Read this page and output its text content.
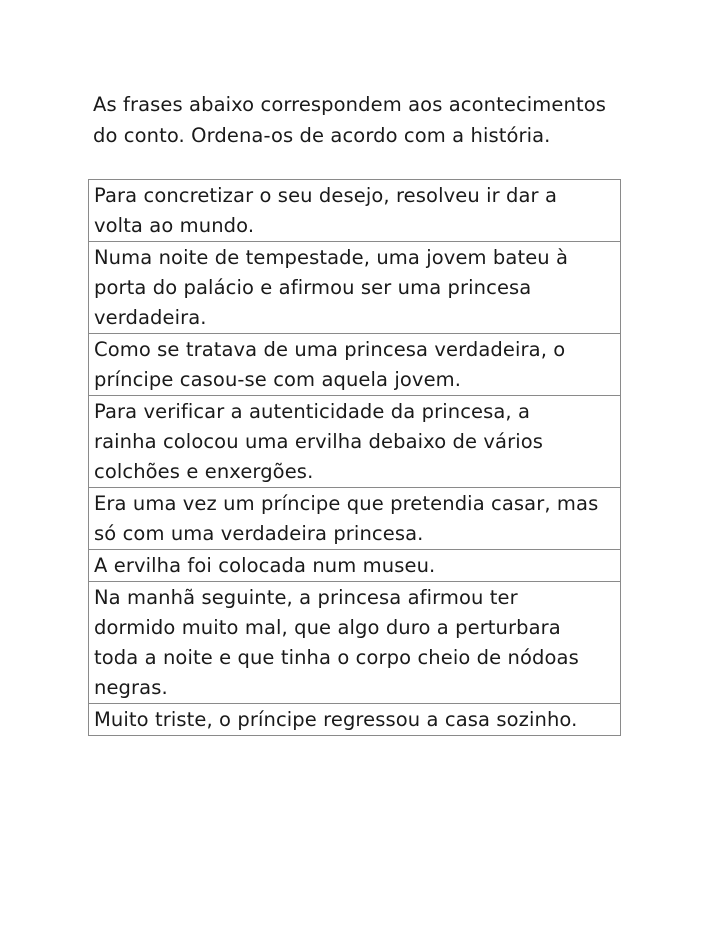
As frases abaixo correspondem aos acontecimentos
do conto. Ordena-os de acordo com a história.

Para concretizar o seu desejo, resolveu ir dar a
volta ao mundo.
Numa noite de tempestade, uma jovem bateu à
porta do palácio e afirmou ser uma princesa
verdadeira.
Como se tratava de uma princesa verdadeira, o
príncipe casou-se com aquela jovem.
Para verificar a autenticidade da princesa, a
rainha colocou uma ervilha debaixo de vários
colchões e enxergões.
Era uma vez um príncipe que pretendia casar, mas
só com uma verdadeira princesa.
A ervilha foi colocada num museu.
Na manhã seguinte, a princesa afirmou ter
dormido muito mal, que algo duro a perturbara
toda a noite e que tinha o corpo cheio de nódoas
negras.
Muito triste, o príncipe regressou a casa sozinho.
